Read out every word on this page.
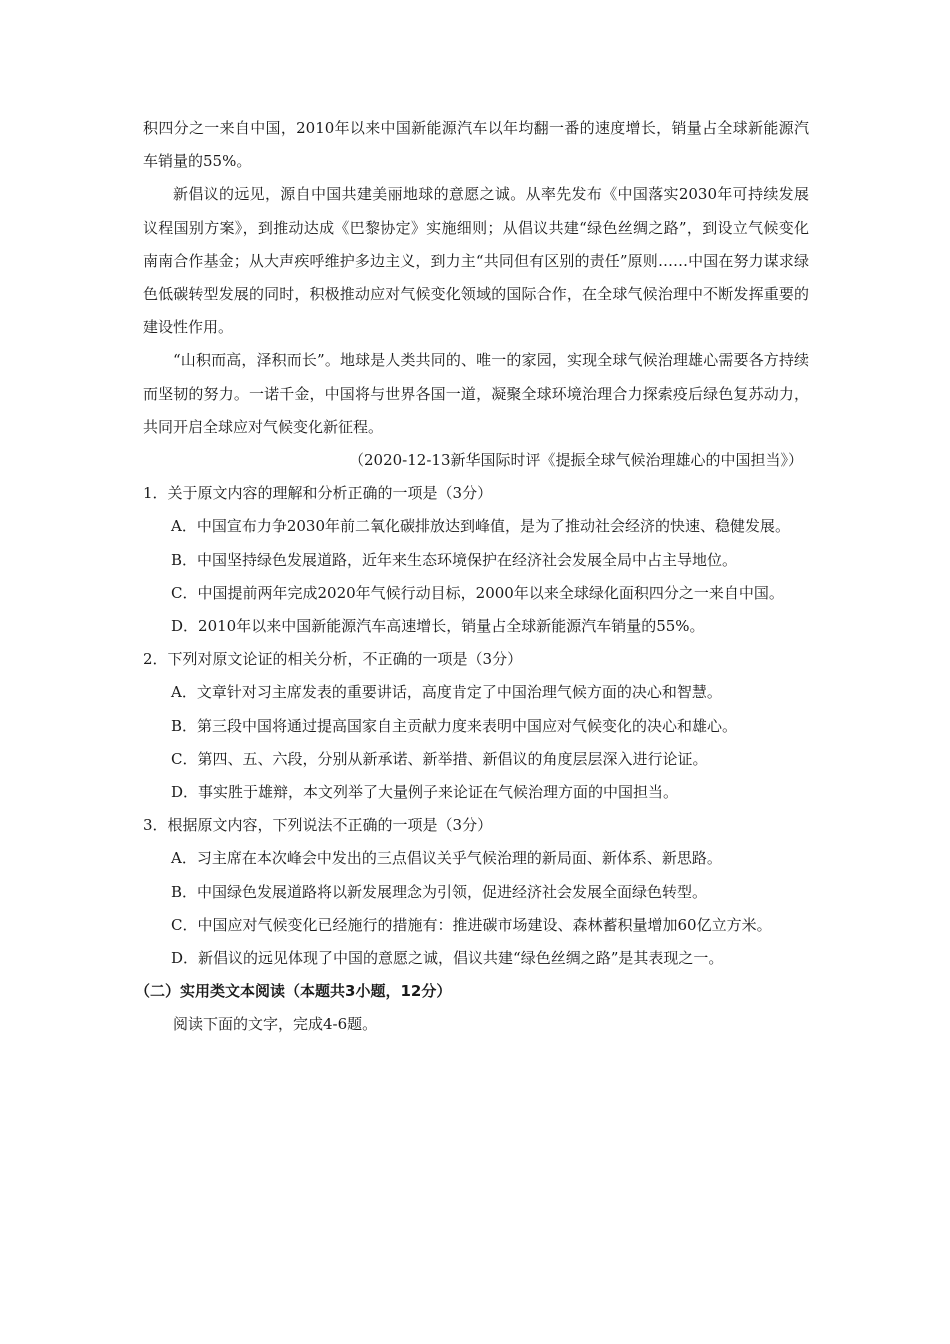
积四分之一来自中国，2010年以来中国新能源汽车以年均翻一番的速度增长，销量占全球新能源汽车销量的55%。

新倡议的远见，源自中国共建美丽地球的意愿之诚。从率先发布《中国落实2030年可持续发展议程国别方案》，到推动达成《巴黎协定》实施细则；从倡议共建“绿色丝绸之路”，到设立气候变化南南合作基金；从大声疾呼维护多边主义，到力主“共同但有区别的责任”原则……中国在努力谋求绿色低碳转型发展的同时，积极推动应对气候变化领域的国际合作，在全球气候治理中不断发挥重要的建设性作用。

“山积而高，泽积而长”。地球是人类共同的、唯一的家园，实现全球气候治理雄心需要各方持续而坚韧的努力。一诺千金，中国将与世界各国一道，凝聚全球环境治理合力探索疫后绿色复苏动力，共同开启全球应对气候变化新征程。

（2020-12-13新华国际时评《提振全球气候治理雄心的中国担当》）

1．关于原文内容的理解和分析正确的一项是（3分）

A．中国宣布力争2030年前二氧化碳排放达到峰值，是为了推动社会经济的快速、稳健发展。

B．中国坚持绿色发展道路，近年来生态环境保护在经济社会发展全局中占主导地位。

C．中国提前两年完成2020年气候行动目标，2000年以来全球绿化面积四分之一来自中国。

D．2010年以来中国新能源汽车高速增长，销量占全球新能源汽车销量的55%。

2．下列对原文论证的相关分析，不正确的一项是（3分）

A．文章针对习主席发表的重要讲话，高度肯定了中国治理气候方面的决心和智慧。

B．第三段中国将通过提高国家自主贡献力度来表明中国应对气候变化的决心和雄心。

C．第四、五、六段，分别从新承诺、新举措、新倡议的角度层层深入进行论证。

D．事实胜于雄辩，本文列举了大量例子来论证在气候治理方面的中国担当。

3．根据原文内容，下列说法不正确的一项是（3分）

A．习主席在本次峰会中发出的三点倡议关乎气候治理的新局面、新体系、新思路。

B．中国绿色发展道路将以新发展理念为引领，促进经济社会发展全面绿色转型。

C．中国应对气候变化已经施行的措施有：推进碳市场建设、森林蓄积量增加60亿立方米。

D．新倡议的远见体现了中国的意愿之诚，倡议共建“绿色丝绸之路”是其表现之一。

（二）实用类文本阅读（本题共3小题，12分）

阅读下面的文字，完成4-6题。
